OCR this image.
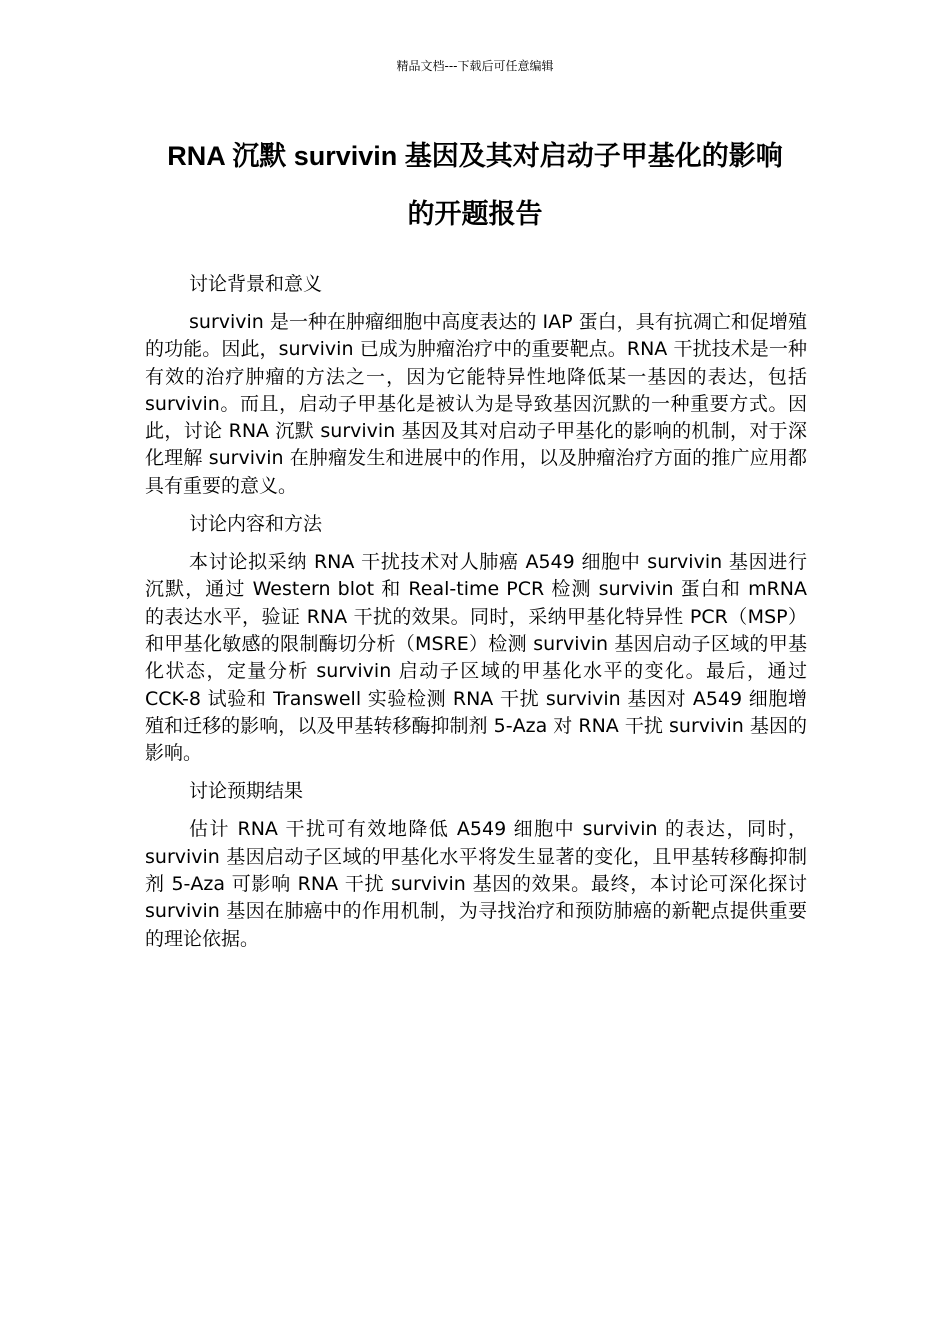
精品文档---下载后可任意编辑
RNA 沉默 survivin 基因及其对启动子甲基化的影响
的开题报告

讨论背景和意义

survivin 是一种在肿瘤细胞中高度表达的 IAP 蛋白，具有抗凋亡和促增殖的功能。因此，survivin 已成为肿瘤治疗中的重要靶点。RNA 干扰技术是一种有效的治疗肿瘤的方法之一，因为它能特异性地降低某一基因的表达，包括 survivin。而且，启动子甲基化是被认为是导致基因沉默的一种重要方式。因此，讨论 RNA 沉默 survivin 基因及其对启动子甲基化的影响的机制，对于深化理解 survivin 在肿瘤发生和进展中的作用，以及肿瘤治疗方面的推广应用都具有重要的意义。

讨论内容和方法

本讨论拟采纳 RNA 干扰技术对人肺癌 A549 细胞中 survivin 基因进行沉默，通过 Western blot 和 Real-time PCR 检测 survivin 蛋白和 mRNA 的表达水平，验证 RNA 干扰的效果。同时，采纳甲基化特异性 PCR（MSP）和甲基化敏感的限制酶切分析（MSRE）检测 survivin 基因启动子区域的甲基化状态，定量分析 survivin 启动子区域的甲基化水平的变化。最后，通过 CCK-8 试验和 Transwell 实验检测 RNA 干扰 survivin 基因对 A549 细胞增殖和迁移的影响，以及甲基转移酶抑制剂 5-Aza 对 RNA 干扰 survivin 基因的影响。

讨论预期结果

估计 RNA 干扰可有效地降低 A549 细胞中 survivin 的表达，同时，survivin 基因启动子区域的甲基化水平将发生显著的变化，且甲基转移酶抑制剂 5-Aza 可影响 RNA 干扰 survivin 基因的效果。最终，本讨论可深化探讨 survivin 基因在肺癌中的作用机制，为寻找治疗和预防肺癌的新靶点提供重要的理论依据。
